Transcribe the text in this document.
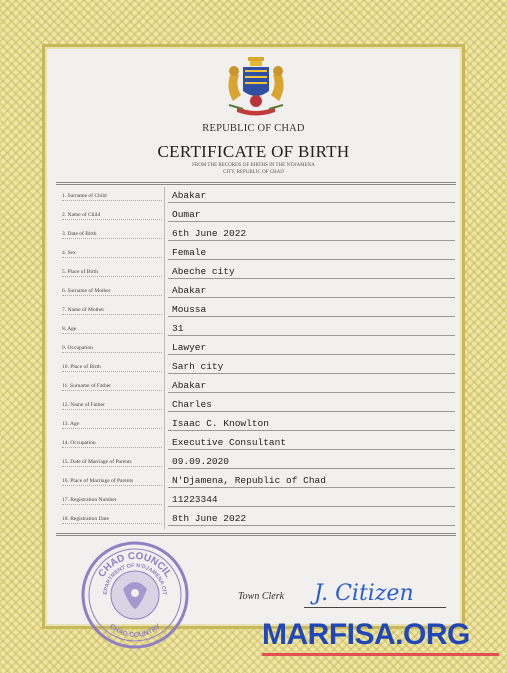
REPUBLIC OF CHAD
CERTIFICATE OF BIRTH
FROM THE RECORDS OF BIRTHS IN THE N'DJAMENA
CITY, REPUBLIC OF CHAD
1. Surname of Child	Abakar
2. Name of Child	Oumar
3. Date of Birth	6th June 2022
4. Sex	Female
5. Place of Birth	Abeche city
6. Surname of Mother	Abakar
7. Name of Mother	Moussa
8. Age	31
9. Occupation	Lawyer
10. Place of Birth	Sarh city
11. Surname of Father	Abakar
12. Name of Father	Charles
13. Age	Isaac C. Knowlton
14. Occupation	Executive Consultant
15. Date of Marriage of Parents	09.09.2020
16. Place of Marriage of Parents	N'Djamena, Republic of Chad
17. Registration Number	11223344
18. Registration Date	8th June 2022
CHAD COUNCIL
EPARTMENT OF N'DJAMENA CIT
CHAD COUNTRY
Town Clerk J. Citizen
MARFISA.ORG
